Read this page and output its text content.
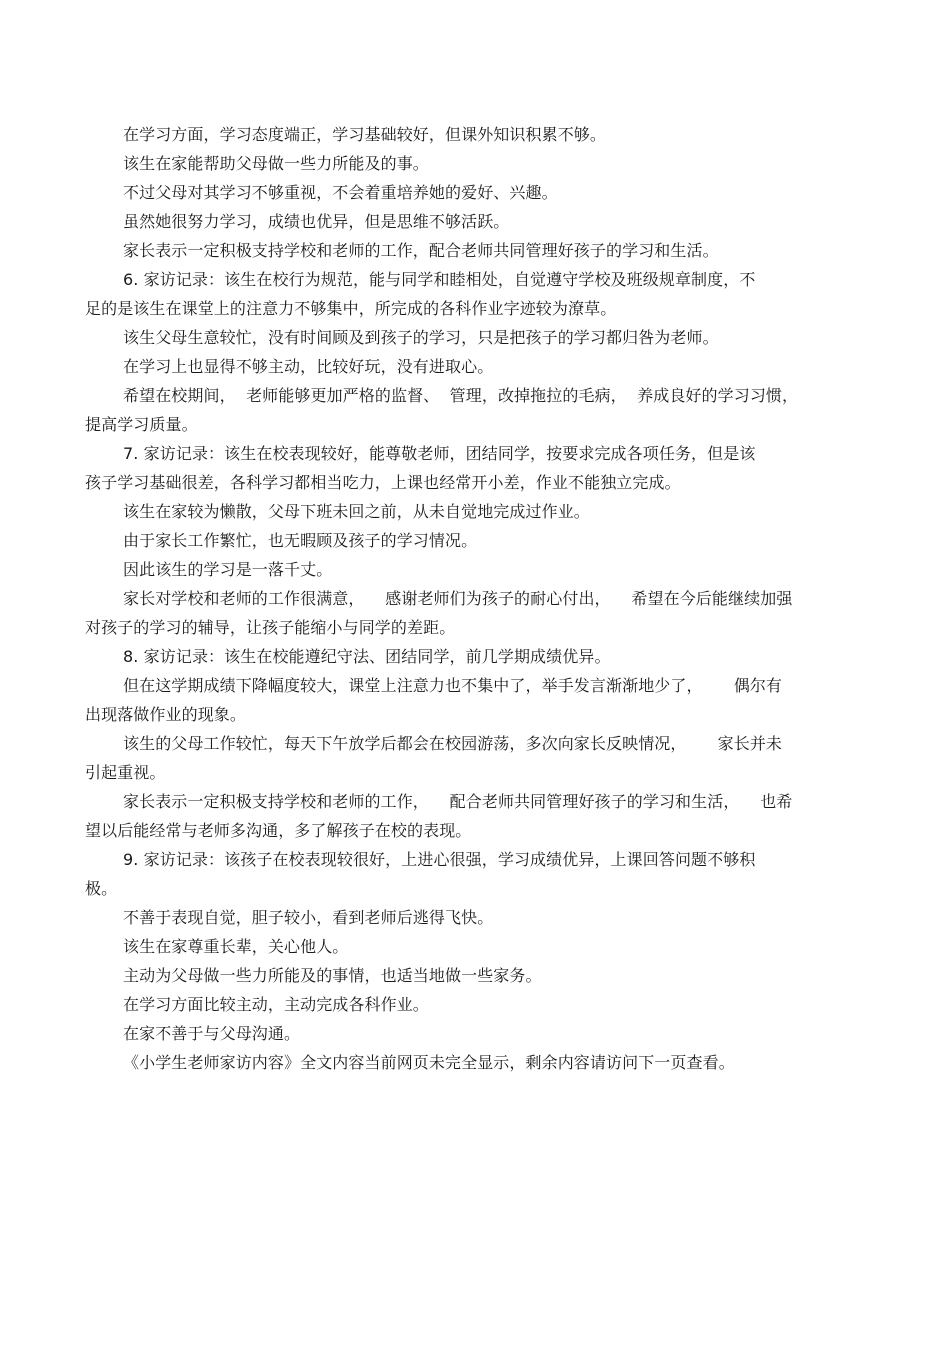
在学习方面，学习态度端正，学习基础较好，但课外知识积累不够。
该生在家能帮助父母做一些力所能及的事。
不过父母对其学习不够重视，不会着重培养她的爱好、兴趣。
虽然她很努力学习，成绩也优异，但是思维不够活跃。
家长表示一定积极支持学校和老师的工作，配合老师共同管理好孩子的学习和生活。
6. 家访记录：该生在校行为规范，能与同学和睦相处，自觉遵守学校及班级规章制度，不
足的是该生在课堂上的注意力不够集中，所完成的各科作业字迹较为潦草。
该生父母生意较忙，没有时间顾及到孩子的学习，只是把孩子的学习都归咎为老师。
在学习上也显得不够主动，比较好玩，没有进取心。
希望在校期间，  老师能够更加严格的监督、  管理，改掉拖拉的毛病，  养成良好的学习习惯，
提高学习质量。
7. 家访记录：该生在校表现较好，能尊敬老师，团结同学，按要求完成各项任务，但是该
孩子学习基础很差，各科学习都相当吃力，上课也经常开小差，作业不能独立完成。
该生在家较为懒散，父母下班未回之前，从未自觉地完成过作业。
由于家长工作繁忙，也无暇顾及孩子的学习情况。
因此该生的学习是一落千丈。
家长对学校和老师的工作很满意，    感谢老师们为孩子的耐心付出，    希望在今后能继续加强
对孩子的学习的辅导，让孩子能缩小与同学的差距。
8. 家访记录：该生在校能遵纪守法、团结同学，前几学期成绩优异。
但在这学期成绩下降幅度较大，课堂上注意力也不集中了，举手发言渐渐地少了，      偶尔有
出现落做作业的现象。
该生的父母工作较忙，每天下午放学后都会在校园游荡，多次向家长反映情况，      家长并未
引起重视。
家长表示一定积极支持学校和老师的工作，    配合老师共同管理好孩子的学习和生活，    也希
望以后能经常与老师多沟通，多了解孩子在校的表现。
9. 家访记录：该孩子在校表现较很好，上进心很强，学习成绩优异，上课回答问题不够积
极。
不善于表现自觉，胆子较小，看到老师后逃得飞快。
该生在家尊重长辈，关心他人。
主动为父母做一些力所能及的事情，也适当地做一些家务。
在学习方面比较主动，主动完成各科作业。
在家不善于与父母沟通。
《小学生老师家访内容》全文内容当前网页未完全显示，剩余内容请访问下一页查看。
